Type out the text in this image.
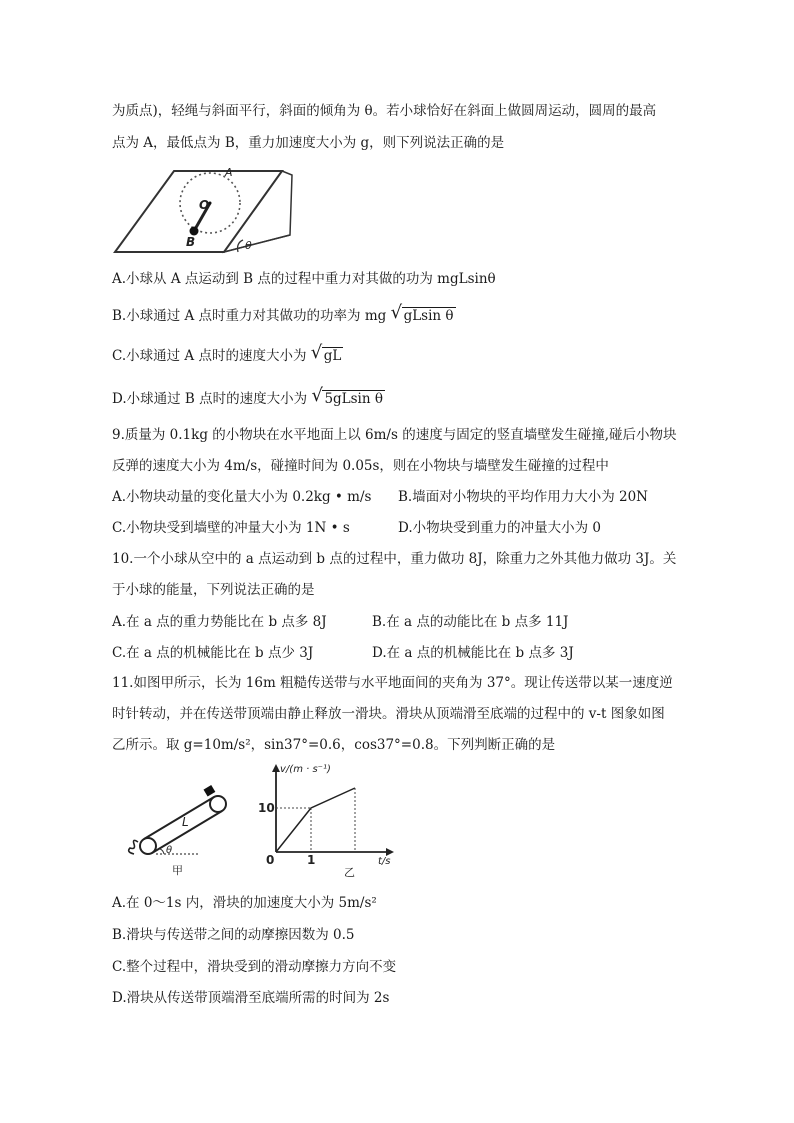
为质点)，轻绳与斜面平行，斜面的倾角为 θ。若小球恰好在斜面上做圆周运动，圆周的最高
点为 A，最低点为 B，重力加速度大小为 g，则下列说法正确的是
A
O
B	θ
A.小球从 A 点运动到 B 点的过程中重力对其做的功为 mgLsinθ
B.小球通过 A 点时重力对其做功的功率为 mg √ gLsin θ
C.小球通过 A 点时的速度大小为 √ gL
D.小球通过 B 点时的速度大小为 √ 5gLsin θ
9.质量为 0.1kg 的小物块在水平地面上以 6m/s 的速度与固定的竖直墙壁发生碰撞,碰后小物块
反弹的速度大小为 4m/s，碰撞时间为 0.05s，则在小物块与墙壁发生碰撞的过程中
A.小物块动量的变化量大小为 0.2kg • m/s B.墙面对小物块的平均作用力大小为 20N
C.小物块受到墙壁的冲量大小为 1N • s	D.小物块受到重力的冲量大小为 0
10.一个小球从空中的 a 点运动到 b 点的过程中，重力做功 8J，除重力之外其他力做功 3J。关
于小球的能量，下列说法正确的是
A.在 a 点的重力势能比在 b 点多 8J	B.在 a 点的动能比在 b 点多 11J
C.在 a 点的机械能比在 b 点少 3J	D.在 a 点的机械能比在 b 点多 3J
11.如图甲所示，长为 16m 粗糙传送带与水平地面间的夹角为 37°。现让传送带以某一速度逆
时针转动，并在传送带顶端由静止释放一滑块。滑块从顶端滑至底端的过程中的 v-t 图象如图
乙所示。取 g=10m/s²，sin37°=0.6，cos37°=0.8。下列判断正确的是
L
θ
甲
v/(m · s⁻¹)
10
0	1	t/s
乙
A.在 0～1s 内，滑块的加速度大小为 5m/s²
B.滑块与传送带之间的动摩擦因数为 0.5
C.整个过程中，滑块受到的滑动摩擦力方向不变
D.滑块从传送带顶端滑至底端所需的时间为 2s
